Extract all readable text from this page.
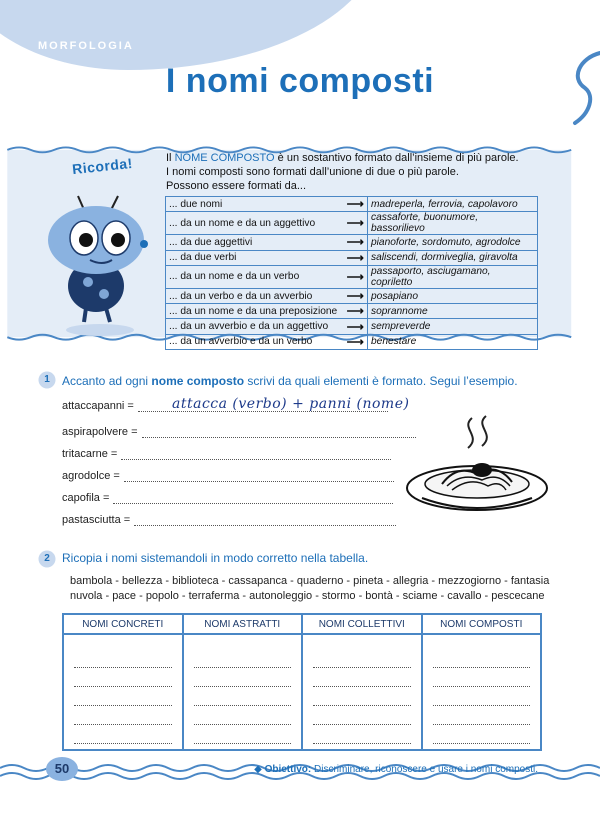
MORFOLOGIA
I nomi composti
Ricorda!	Il NOME COMPOSTO è un sostantivo formato dall’insieme di più parole.
I nomi composti sono formati dall’unione di due o più parole.
Possono essere formati da...
... due nomi	⟶	madreperla, ferrovia, capolavoro
... da un nome e da un aggettivo	⟶	cassaforte, buonumore, bassorilievo
... da due aggettivi	⟶	pianoforte, sordomuto, agrodolce
... da due verbi	⟶	saliscendi, dormiveglia, giravolta
... da un nome e da un verbo	⟶	passaporto, asciugamano, copriletto
... da un verbo e da un avverbio	⟶	posapiano
... da un nome e da una preposizione	⟶	soprannome
... da un avverbio e da un aggettivo	⟶	sempreverde
... da un avverbio e da un verbo	⟶	benestare
1	Accanto ad ogni nome composto scrivi da quali elementi è formato. Segui l’esempio.
attaccapanni =	attacca (verbo) + panni (nome)
aspirapolvere =
tritacarne =
agrodolce =
capofila =
pastasciutta =
2	Ricopia i nomi sistemandoli in modo corretto nella tabella.
bambola - bellezza - biblioteca - cassapanca - quaderno - pineta - allegria - mezzogiorno - fantasia
nuvola - pace - popolo - terraferma - autonoleggio - stormo - bontà - sciame - cavallo - pescecane
NOMI CONCRETI	NOMI ASTRATTI	NOMI COLLETTIVI	NOMI COMPOSTI

50	◆ Obiettivo: Discriminare, riconoscere e usare i nomi composti.
